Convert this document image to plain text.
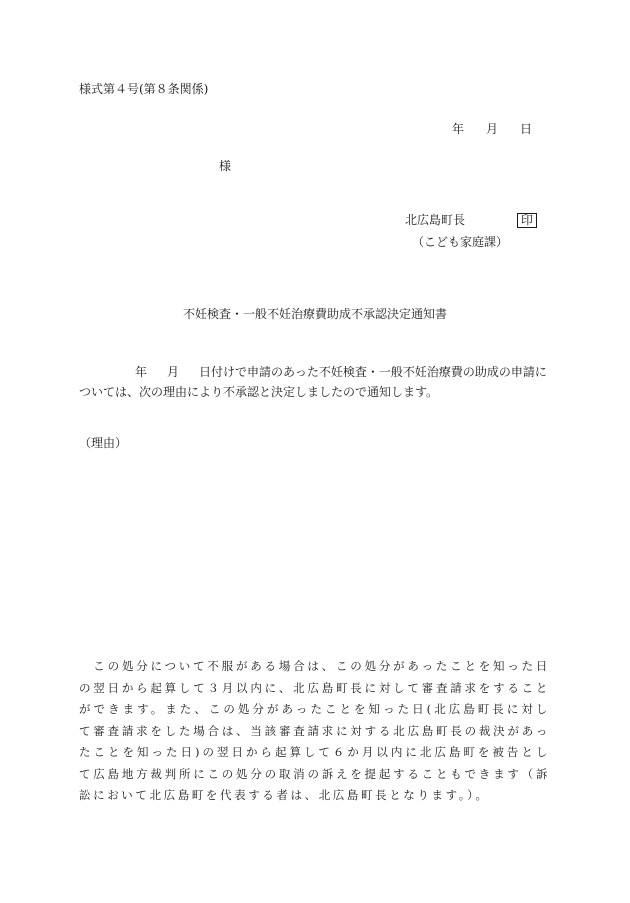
様式第４号(第８条関係)
年 月 日
様
北広島町長	印
（こども家庭課）
不妊検査・一般不妊治療費助成不承認決定通知書
年 月 日付けで申請のあった不妊検査・一般不妊治療費の助成の申請については、次の理由により不承認と決定しましたので通知します。
（理由）
　この処分について不服がある場合は、この処分があったことを知った日の翌日から起算して３月以内に、北広島町長に対して審査請求をすることができます。また、この処分があったことを知った日(北広島町長に対して審査請求をした場合は、当該審査請求に対する北広島町長の裁決があったことを知った日)の翌日から起算して６か月以内に北広島町を被告として広島地方裁判所にこの処分の取消の訴えを提起することもできます（訴訟において北広島町を代表する者は、北広島町長となります。）。
